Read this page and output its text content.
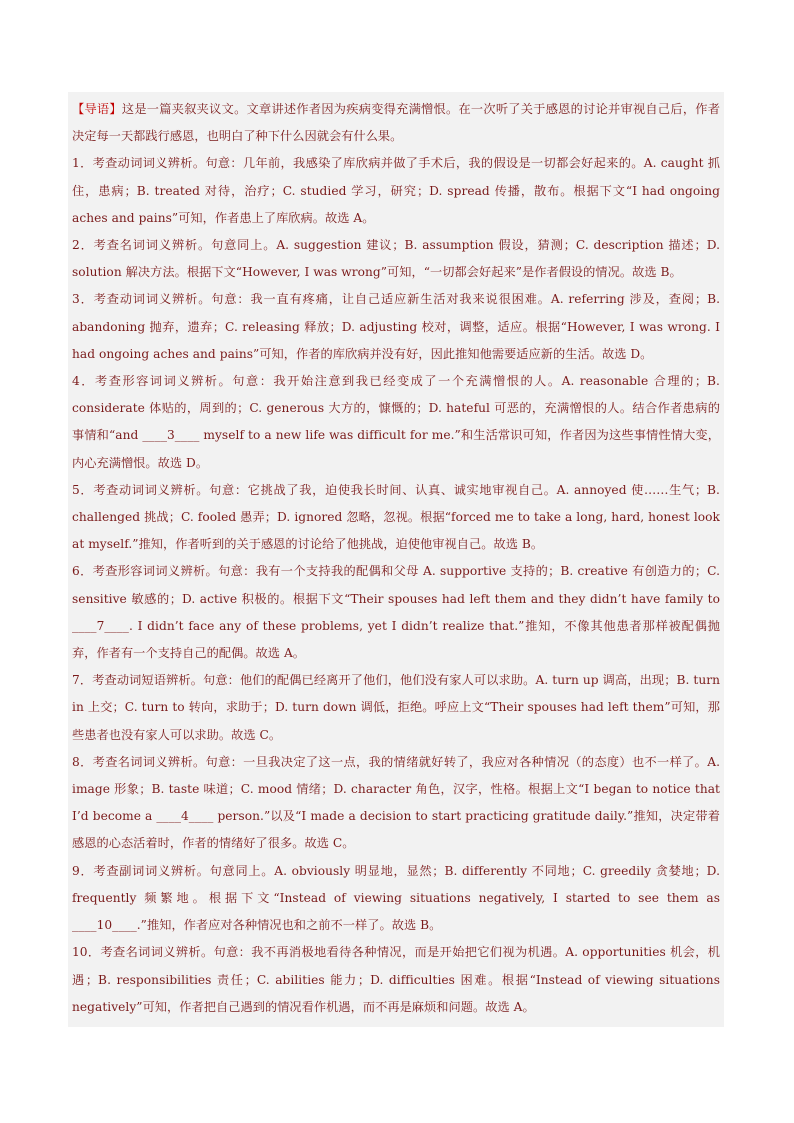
【导语】这是一篇夹叙夹议文。文章讲述作者因为疾病变得充满憎恨。在一次听了关于感恩的讨论并审视自己后，作者决定每一天都践行感恩，也明白了种下什么因就会有什么果。

1．考查动词词义辨析。句意：几年前，我感染了库欣病并做了手术后，我的假设是一切都会好起来的。A. caught 抓住，患病；B. treated 对待，治疗；C. studied 学习，研究；D. spread 传播，散布。根据下文“I had ongoing aches and pains”可知，作者患上了库欣病。故选 A。

2．考查名词词义辨析。句意同上。A. suggestion 建议；B. assumption 假设，猜测；C. description 描述；D. solution 解决方法。根据下文“However, I was wrong”可知，“一切都会好起来”是作者假设的情况。故选 B。

3．考查动词词义辨析。句意：我一直有疼痛，让自己适应新生活对我来说很困难。A. referring 涉及，查阅；B. abandoning 抛弃，遗弃；C. releasing 释放；D. adjusting 校对，调整，适应。根据“However, I was wrong. I had ongoing aches and pains”可知，作者的库欣病并没有好，因此推知他需要适应新的生活。故选 D。

4．考查形容词词义辨析。句意：我开始注意到我已经变成了一个充满憎恨的人。A. reasonable 合理的；B. considerate 体贴的，周到的；C. generous 大方的，慷慨的；D. hateful 可恶的，充满憎恨的人。结合作者患病的事情和“and ____3____ myself to a new life was difficult for me.”和生活常识可知，作者因为这些事情性情大变，内心充满憎恨。故选 D。

5．考查动词词义辨析。句意：它挑战了我，迫使我长时间、认真、诚实地审视自己。A. annoyed 使……生气；B. challenged 挑战；C. fooled 愚弄；D. ignored 忽略，忽视。根据“forced me to take a long, hard, honest look at myself.”推知，作者听到的关于感恩的讨论给了他挑战，迫使他审视自己。故选 B。

6．考查形容词词义辨析。句意：我有一个支持我的配偶和父母 A. supportive 支持的；B. creative 有创造力的；C. sensitive 敏感的；D. active 积极的。根据下文“Their spouses had left them and they didn’t have family to ____7____. I didn’t face any of these problems, yet I didn’t realize that.”推知，不像其他患者那样被配偶抛弃，作者有一个支持自己的配偶。故选 A。

7．考查动词短语辨析。句意：他们的配偶已经离开了他们，他们没有家人可以求助。A. turn up 调高，出现；B. turn in 上交；C. turn to 转向，求助于；D. turn down 调低，拒绝。呼应上文“Their spouses had left them”可知，那些患者也没有家人可以求助。故选 C。

8．考查名词词义辨析。句意：一旦我决定了这一点，我的情绪就好转了，我应对各种情况（的态度）也不一样了。A. image 形象；B. taste 味道；C. mood 情绪；D. character 角色，汉字，性格。根据上文“I began to notice that I’d become a ____4____ person.”以及“I made a decision to start practicing gratitude daily.”推知，决定带着感恩的心态活着时，作者的情绪好了很多。故选 C。

9．考查副词词义辨析。句意同上。A. obviously 明显地，显然；B. differently 不同地；C. greedily 贪婪地；D. frequently 频繁地。根据下文“Instead of viewing situations negatively, I started to see them as ____10____.”推知，作者应对各种情况也和之前不一样了。故选 B。

10．考查名词词义辨析。句意：我不再消极地看待各种情况，而是开始把它们视为机遇。A. opportunities 机会，机遇；B. responsibilities 责任；C. abilities 能力；D. difficulties 困难。根据“Instead of viewing situations negatively”可知，作者把自己遇到的情况看作机遇，而不再是麻烦和问题。故选 A。
